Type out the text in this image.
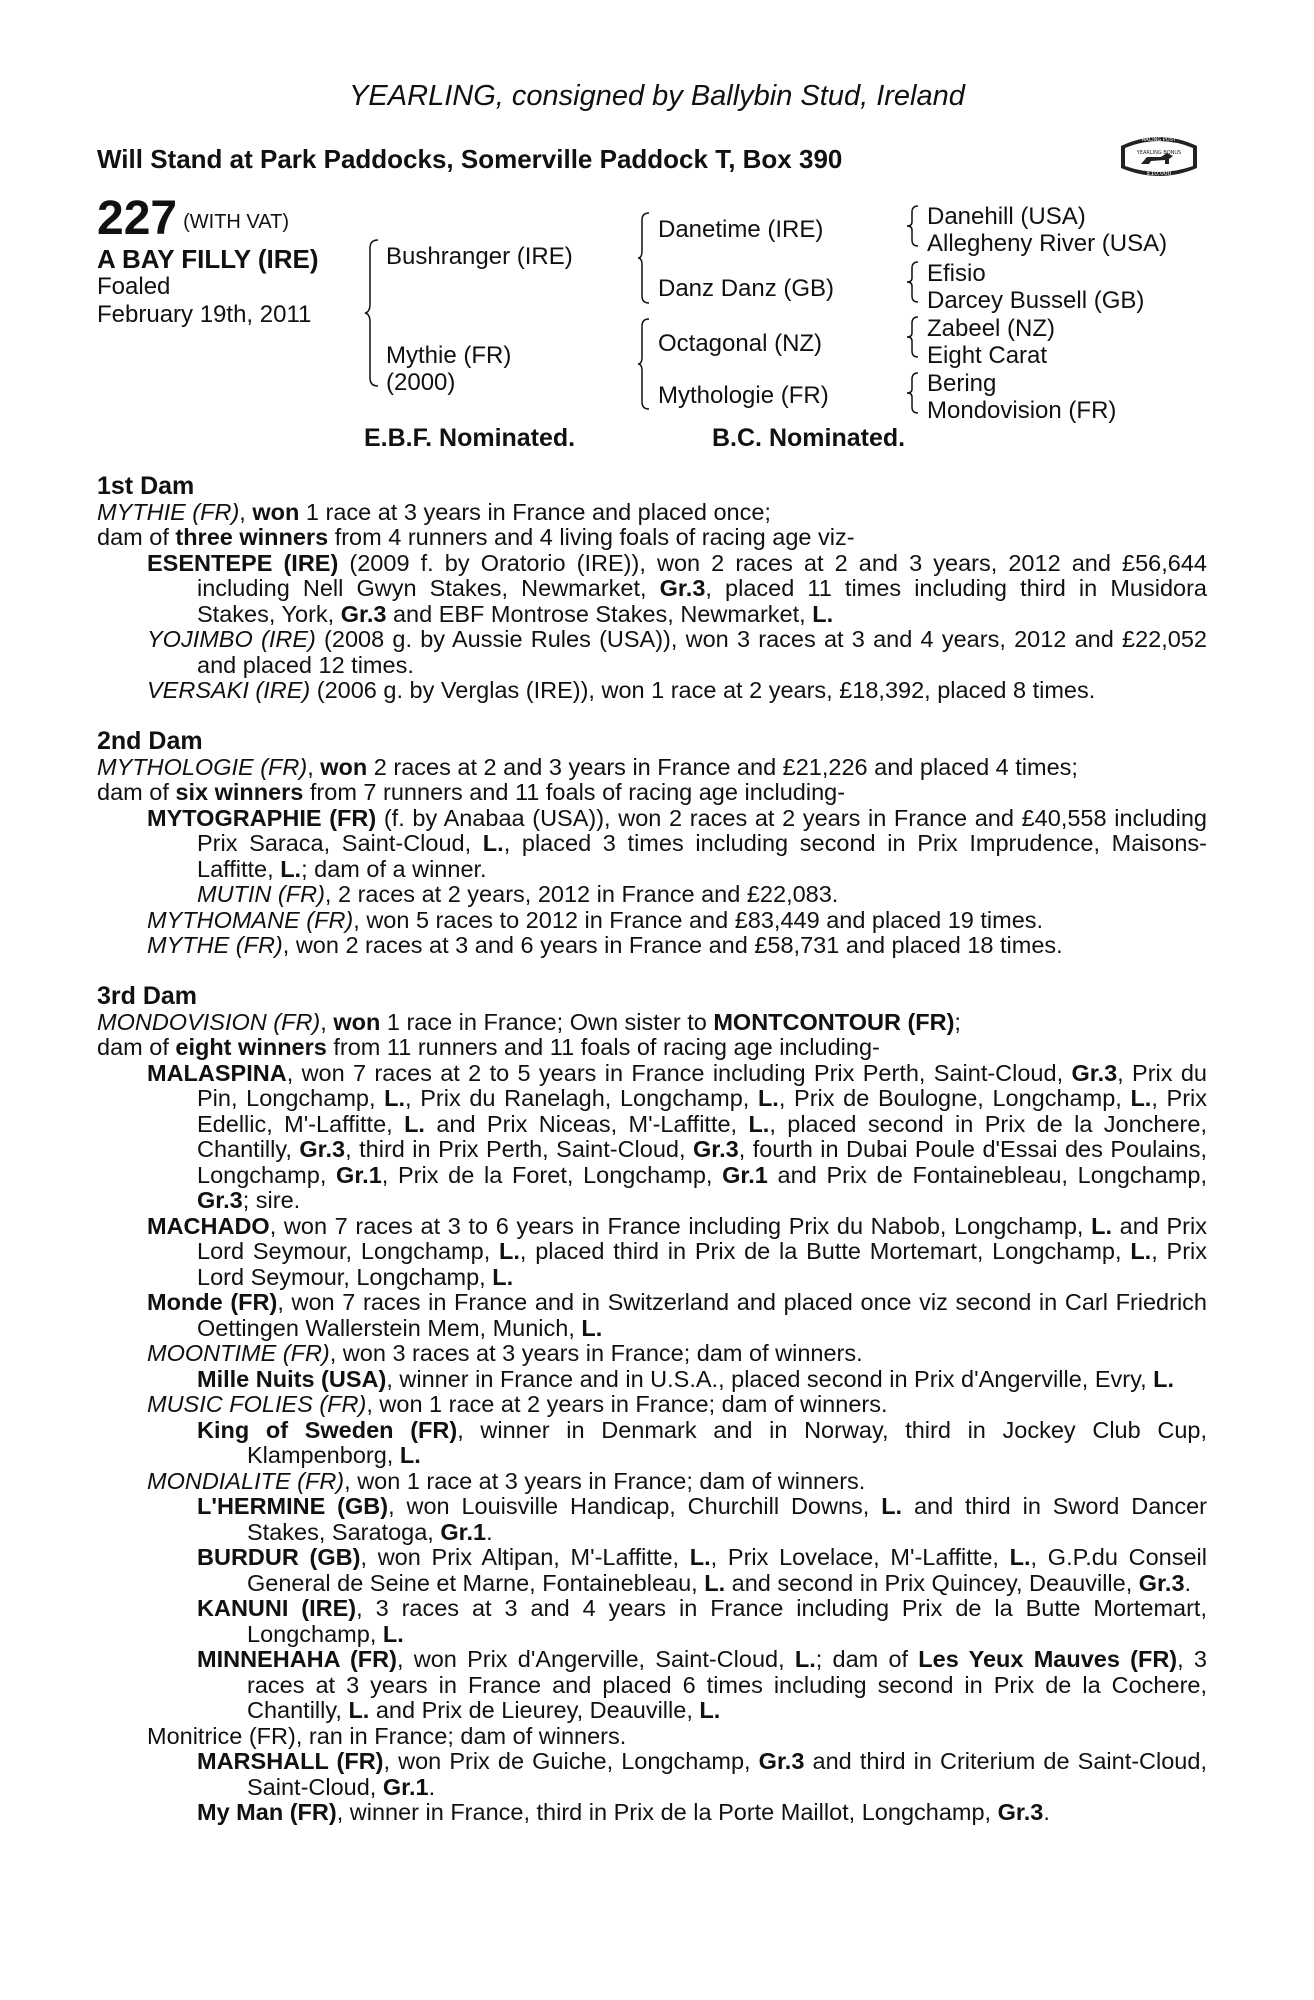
YEARLING, consigned by Ballybin Stud, Ireland
Will Stand at Park Paddocks, Somerville Paddock T, Box 390
RACING POST
YEARLING BONUS
£10,000
227 $^{(WITH VAT)}$
A BAY FILLY (IRE)
Foaled
February 19th, 2011
Bushranger (IRE)
Mythie (FR)
(2000)
Danetime (IRE)
Danz Danz (GB)
Octagonal (NZ)
Mythologie (FR)
Danehill (USA)
Allegheny River (USA)
Efisio
Darcey Bussell (GB)
Zabeel (NZ)
Eight Carat
Bering
Mondovision (FR)
E.B.F. Nominated.	B.C. Nominated.
1st Dam
MYTHIE (FR), won 1 race at 3 years in France and placed once;
dam of three winners from 4 runners and 4 living foals of racing age viz-
ESENTEPE (IRE) (2009 f. by Oratorio (IRE)), won 2 races at 2 and 3 years, 2012 and £56,644 including Nell Gwyn Stakes, Newmarket, Gr.3, placed 11 times including third in Musidora Stakes, York, Gr.3 and EBF Montrose Stakes, Newmarket, L.
YOJIMBO (IRE) (2008 g. by Aussie Rules (USA)), won 3 races at 3 and 4 years, 2012 and £22,052 and placed 12 times.
VERSAKI (IRE) (2006 g. by Verglas (IRE)), won 1 race at 2 years, £18,392, placed 8 times.
2nd Dam
MYTHOLOGIE (FR), won 2 races at 2 and 3 years in France and £21,226 and placed 4 times;
dam of six winners from 7 runners and 11 foals of racing age including-
MYTOGRAPHIE (FR) (f. by Anabaa (USA)), won 2 races at 2 years in France and £40,558 including Prix Saraca, Saint-Cloud, L., placed 3 times including second in Prix Imprudence, Maisons-Laffitte, L.; dam of a winner.
MUTIN (FR), 2 races at 2 years, 2012 in France and £22,083.
MYTHOMANE (FR), won 5 races to 2012 in France and £83,449 and placed 19 times.
MYTHE (FR), won 2 races at 3 and 6 years in France and £58,731 and placed 18 times.
3rd Dam
MONDOVISION (FR), won 1 race in France; Own sister to MONTCONTOUR (FR);
dam of eight winners from 11 runners and 11 foals of racing age including-
MALASPINA, won 7 races at 2 to 5 years in France including Prix Perth, Saint-Cloud, Gr.3, Prix du Pin, Longchamp, L., Prix du Ranelagh, Longchamp, L., Prix de Boulogne, Longchamp, L., Prix Edellic, M'-Laffitte, L. and Prix Niceas, M'-Laffitte, L., placed second in Prix de la Jonchere, Chantilly, Gr.3, third in Prix Perth, Saint-Cloud, Gr.3, fourth in Dubai Poule d'Essai des Poulains, Longchamp, Gr.1, Prix de la Foret, Longchamp, Gr.1 and Prix de Fontainebleau, Longchamp, Gr.3; sire.
MACHADO, won 7 races at 3 to 6 years in France including Prix du Nabob, Longchamp, L. and Prix Lord Seymour, Longchamp, L., placed third in Prix de la Butte Mortemart, Longchamp, L., Prix Lord Seymour, Longchamp, L.
Monde (FR), won 7 races in France and in Switzerland and placed once viz second in Carl Friedrich Oettingen Wallerstein Mem, Munich, L.
MOONTIME (FR), won 3 races at 3 years in France; dam of winners.
Mille Nuits (USA), winner in France and in U.S.A., placed second in Prix d'Angerville, Evry, L.
MUSIC FOLIES (FR), won 1 race at 2 years in France; dam of winners.
King of Sweden (FR), winner in Denmark and in Norway, third in Jockey Club Cup, Klampenborg, L.
MONDIALITE (FR), won 1 race at 3 years in France; dam of winners.
L'HERMINE (GB), won Louisville Handicap, Churchill Downs, L. and third in Sword Dancer Stakes, Saratoga, Gr.1.
BURDUR (GB), won Prix Altipan, M'-Laffitte, L., Prix Lovelace, M'-Laffitte, L., G.P.du Conseil General de Seine et Marne, Fontainebleau, L. and second in Prix Quincey, Deauville, Gr.3.
KANUNI (IRE), 3 races at 3 and 4 years in France including Prix de la Butte Mortemart, Longchamp, L.
MINNEHAHA (FR), won Prix d'Angerville, Saint-Cloud, L.; dam of Les Yeux Mauves (FR), 3 races at 3 years in France and placed 6 times including second in Prix de la Cochere, Chantilly, L. and Prix de Lieurey, Deauville, L.
Monitrice (FR), ran in France; dam of winners.
MARSHALL (FR), won Prix de Guiche, Longchamp, Gr.3 and third in Criterium de Saint-Cloud, Saint-Cloud, Gr.1.
My Man (FR), winner in France, third in Prix de la Porte Maillot, Longchamp, Gr.3.
